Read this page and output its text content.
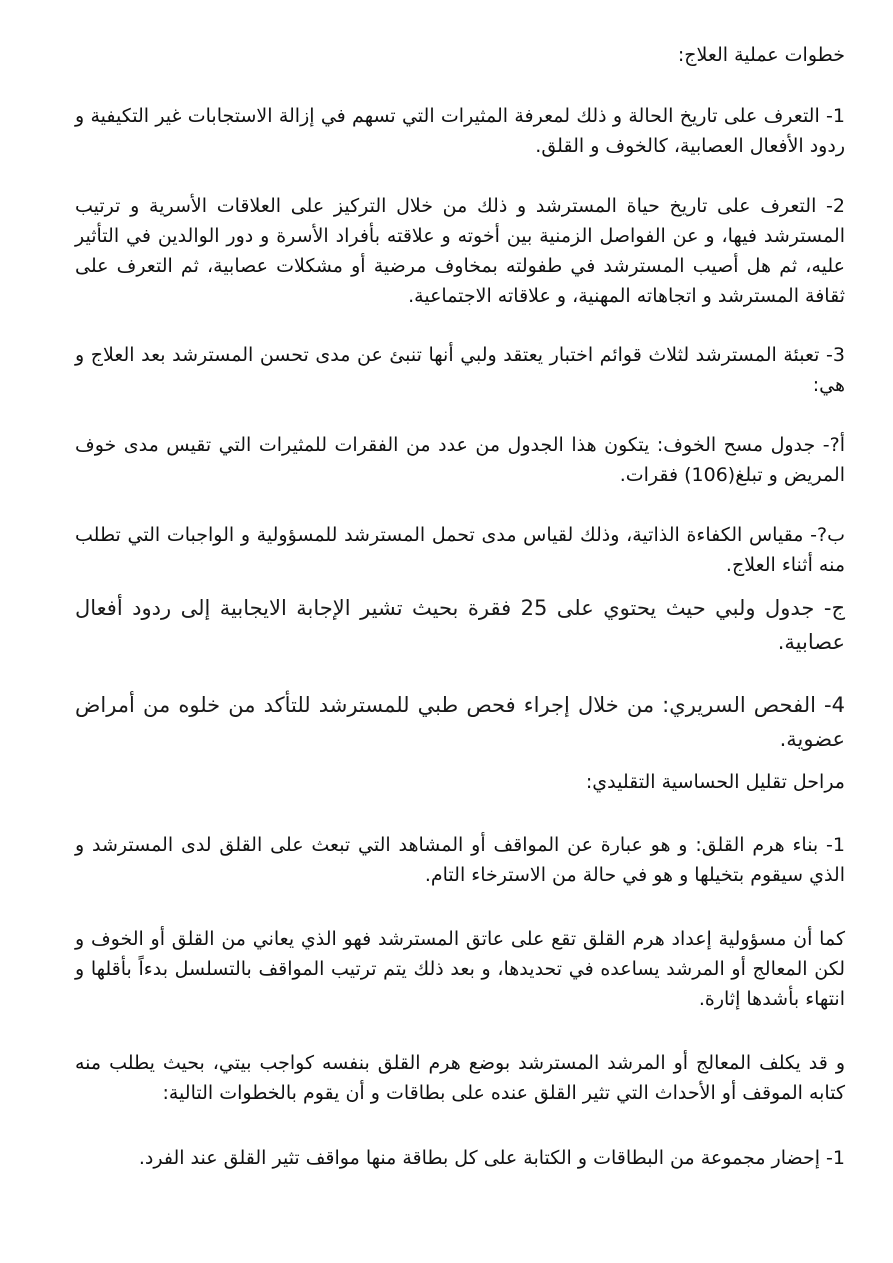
خطوات عملية العلاج:

1- التعرف على تاريخ الحالة و ذلك لمعرفة المثيرات التي تسهم في إزالة الاستجابات غير التكيفية و ردود الأفعال العصابية، كالخوف و القلق.

2- التعرف على تاريخ حياة المسترشد و ذلك من خلال التركيز على العلاقات الأسرية و ترتيب المسترشد فيها، و عن الفواصل الزمنية بين أخوته و علاقته بأفراد الأسرة و دور الوالدين في التأثير عليه، ثم هل أصيب المسترشد في طفولته بمخاوف مرضية أو مشكلات عصابية، ثم التعرف على ثقافة المسترشد و اتجاهاته المهنية، و علاقاته الاجتماعية.

3- تعبئة المسترشد لثلاث قوائم اختبار يعتقد ولبي أنها تنبئ عن مدى تحسن المسترشد بعد العلاج و هي:

أ?- جدول مسح الخوف: يتكون هذا الجدول من عدد من الفقرات للمثيرات التي تقيس مدى خوف المريض و تبلغ(106) فقرات.

ب?- مقياس الكفاءة الذاتية، وذلك لقياس مدى تحمل المسترشد للمسؤولية و الواجبات التي تطلب منه أثناء العلاج.

ج- جدول ولبي حيث يحتوي على 25 فقرة بحيث تشير الإجابة الايجابية إلى ردود أفعال عصابية.

4- الفحص السريري: من خلال إجراء فحص طبي للمسترشد للتأكد من خلوه من أمراض عضوية.

مراحل تقليل الحساسية التقليدي:

1- بناء هرم القلق: و هو عبارة عن المواقف أو المشاهد التي تبعث على القلق لدى المسترشد و الذي سيقوم بتخيلها و هو في حالة من الاسترخاء التام.

كما أن مسؤولية إعداد هرم القلق تقع على عاتق المسترشد فهو الذي يعاني من القلق أو الخوف و لكن المعالج أو المرشد يساعده في تحديدها، و بعد ذلك يتم ترتيب المواقف بالتسلسل بدءاً بأقلها و انتهاء بأشدها إثارة.

و قد يكلف المعالج أو المرشد المسترشد بوضع هرم القلق بنفسه كواجب بيتي، بحيث يطلب منه كتابه الموقف أو الأحداث التي تثير القلق عنده على بطاقات و أن يقوم بالخطوات التالية:

1- إحضار مجموعة من البطاقات و الكتابة على كل بطاقة منها مواقف تثير القلق عند الفرد.
